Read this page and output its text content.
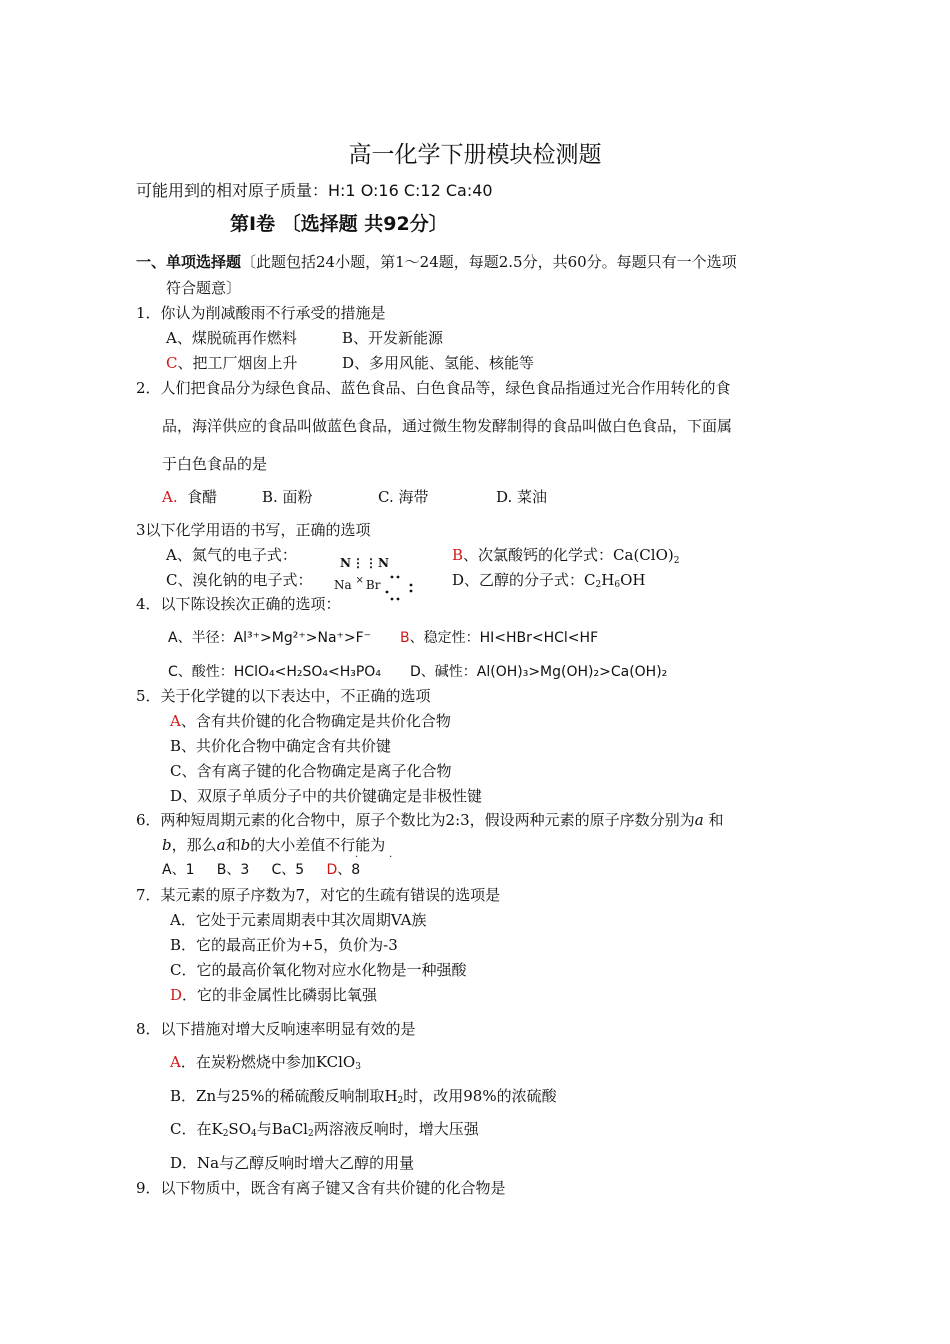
高一化学下册模块检测题
可能用到的相对原子质量：H:1 O:16 C:12 Ca:40
第I卷 〔选择题 共92分〕
一、单项选择题〔此题包括24小题，第1～24题，每题2.5分，共60分。每题只有一个选项
符合题意〕
1．你认为削减酸雨不行承受的措施是
A、煤脱硫再作燃料	B、开发新能源
C、把工厂烟囱上升	D、多用风能、氢能、核能等
2．人们把食品分为绿色食品、蓝色食品、白色食品等，绿色食品指通过光合作用转化的食
品，海洋供应的食品叫做蓝色食品，通过微生物发酵制得的食品叫做白色食品，下面属
于白色食品的是
A. 食醋	B. 面粉	C. 海带	D. 菜油
3以下化学用语的书写，正确的选项
A、氮气的电子式：	N⋮⋮N	B、次氯酸钙的化学式：$Ca(ClO)_2$
C、溴化钠的电子式： Na × Br	D、乙醇的分子式：C2H6OH
4．以下陈设挨次正确的选项：
A、半径：Al³⁺>Mg²⁺>Na⁺>F⁻ B、稳定性：HI<HBr<HCl<HF
C、酸性：HClO₄<H₂SO₄<H₃PO₄ D、碱性：Al(OH)₃>Mg(OH)₂>Ca(OH)₂
5．关于化学键的以下表达中，不正确的选项
A、含有共价键的化合物确定是共价化合物
B、共价化合物中确定含有共价键
C、含有离子键的化合物确定是离子化合物
D、双原子单质分子中的共价键确定是非极性键
6．两种短周期元素的化合物中，原子个数比为2:3，假设两种元素的原子序数分别为a 和
b，那么a和b的大小差值不行能为
·	·
A、1     B、3     C、5 D、8
7．某元素的原子序数为7，对它的生疏有错误的选项是
A．它处于元素周期表中其次周期VA族
B．它的最高正价为+5，负价为-3
C．它的最高价氧化物对应水化物是一种强酸
D．它的非金属性比磷弱比氧强
8．以下措施对增大反响速率明显有效的是
A．在炭粉燃烧中参加KClO3
B．Zn与25%的稀硫酸反响制取H2时，改用98%的浓硫酸
C．在K2SO4与BaCl2两溶液反响时，增大压强
D．Na与乙醇反响时增大乙醇的用量
9．以下物质中，既含有离子键又含有共价键的化合物是
